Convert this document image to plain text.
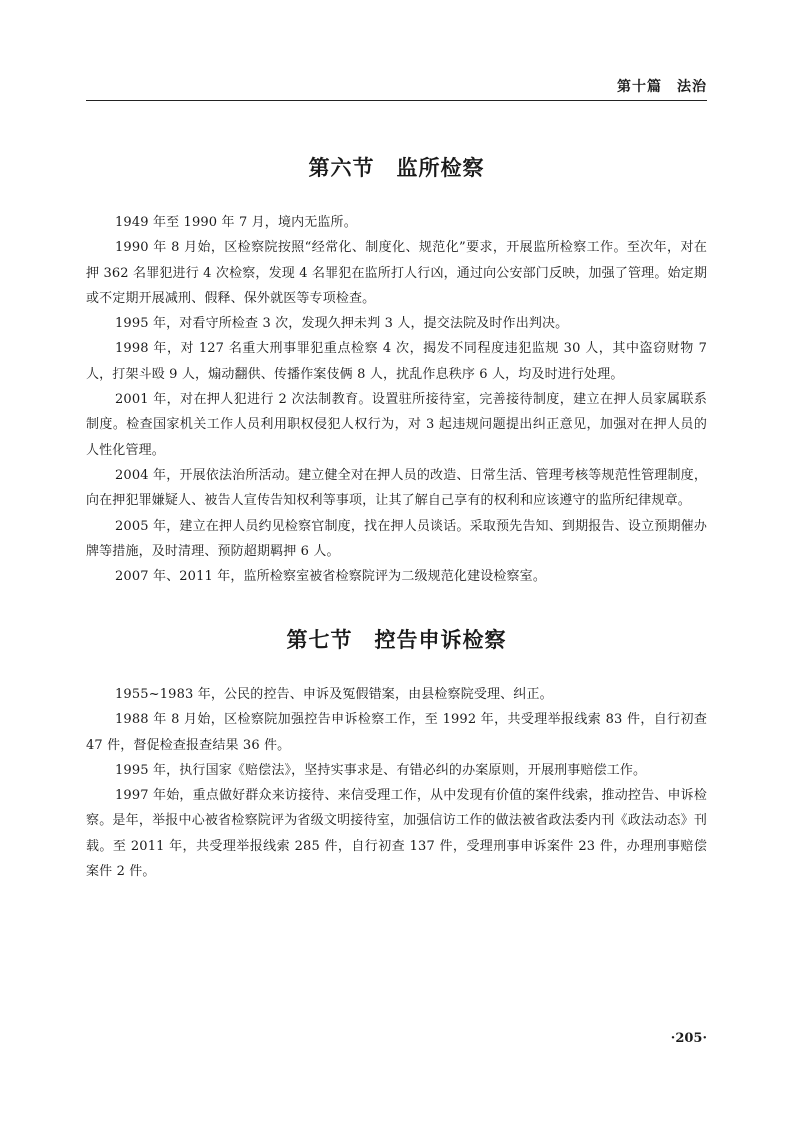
第十篇　法治
第六节　监所检察

1949 年至 1990 年 7 月，境内无监所。

1990 年 8 月始，区检察院按照“经常化、制度化、规范化”要求，开展监所检察工作。至次年，对在押 362 名罪犯进行 4 次检察，发现 4 名罪犯在监所打人行凶，通过向公安部门反映，加强了管理。始定期或不定期开展减刑、假释、保外就医等专项检查。

1995 年，对看守所检查 3 次，发现久押未判 3 人，提交法院及时作出判决。

1998 年，对 127 名重大刑事罪犯重点检察 4 次，揭发不同程度违犯监规 30 人，其中盗窃财物 7 人，打架斗殴 9 人，煽动翻供、传播作案伎俩 8 人，扰乱作息秩序 6 人，均及时进行处理。

2001 年，对在押人犯进行 2 次法制教育。设置驻所接待室，完善接待制度，建立在押人员家属联系制度。检查国家机关工作人员利用职权侵犯人权行为，对 3 起违规问题提出纠正意见，加强对在押人员的人性化管理。

2004 年，开展依法治所活动。建立健全对在押人员的改造、日常生活、管理考核等规范性管理制度，向在押犯罪嫌疑人、被告人宣传告知权利等事项，让其了解自己享有的权利和应该遵守的监所纪律规章。

2005 年，建立在押人员约见检察官制度，找在押人员谈话。采取预先告知、到期报告、设立预期催办牌等措施，及时清理、预防超期羁押 6 人。

2007 年、2011 年，监所检察室被省检察院评为二级规范化建设检察室。

第七节　控告申诉检察

1955~1983 年，公民的控告、申诉及冤假错案，由县检察院受理、纠正。

1988 年 8 月始，区检察院加强控告申诉检察工作，至 1992 年，共受理举报线索 83 件，自行初查 47 件，督促检查报查结果 36 件。

1995 年，执行国家《赔偿法》，坚持实事求是、有错必纠的办案原则，开展刑事赔偿工作。

1997 年始，重点做好群众来访接待、来信受理工作，从中发现有价值的案件线索，推动控告、申诉检察。是年，举报中心被省检察院评为省级文明接待室，加强信访工作的做法被省政法委内刊《政法动态》刊载。至 2011 年，共受理举报线索 285 件，自行初查 137 件，受理刑事申诉案件 23 件，办理刑事赔偿案件 2 件。

·205·
